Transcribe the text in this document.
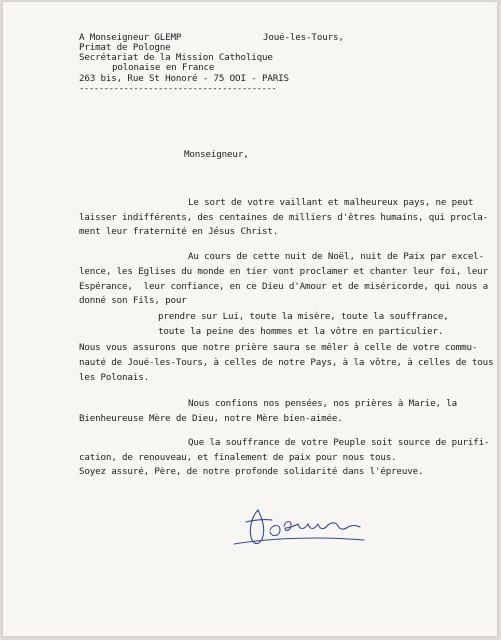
A Monseigneur GLEMP	Joué-les-Tours,
Primat de Pologne
Secrétariat de la Mission Catholique
polonaise en France
263 bis, Rue St Honoré - 75 OOI - PARIS
----------------------------------------
Monseigneur,
Le sort de votre vaillant et malheureux pays, ne peut
laisser indifférents, des centaines de milliers d'êtres humains, qui procla-
ment leur fraternité en Jésus Christ.
Au cours de cette nuit de Noël, nuit de Paix par excel-
lence, les Eglises du monde en tier vont proclamer et chanter leur foi, leur
Espérance,  leur confiance, en ce Dieu d'Amour et de miséricorde, qui nous a
donné son Fils, pour
prendre sur Lui, toute la misère, toute la souffrance,
toute la peine des hommes et la vôtre en particulier.
Nous vous assurons que notre prière saura se mêler à celle de votre commu-
nauté de Joué-les-Tours, à celles de notre Pays, à la vôtre, à celles de tous
les Polonais.
Nous confions nos pensées, nos prières à Marie, la
Bienheureuse Mère de Dieu, notre Mère bien-aimée.
Que la souffrance de votre Peuple soit source de purifi-
cation, de renouveau, et finalement de paix pour nous tous.
Soyez assuré, Père, de notre profonde solidarité dans l'épreuve.
